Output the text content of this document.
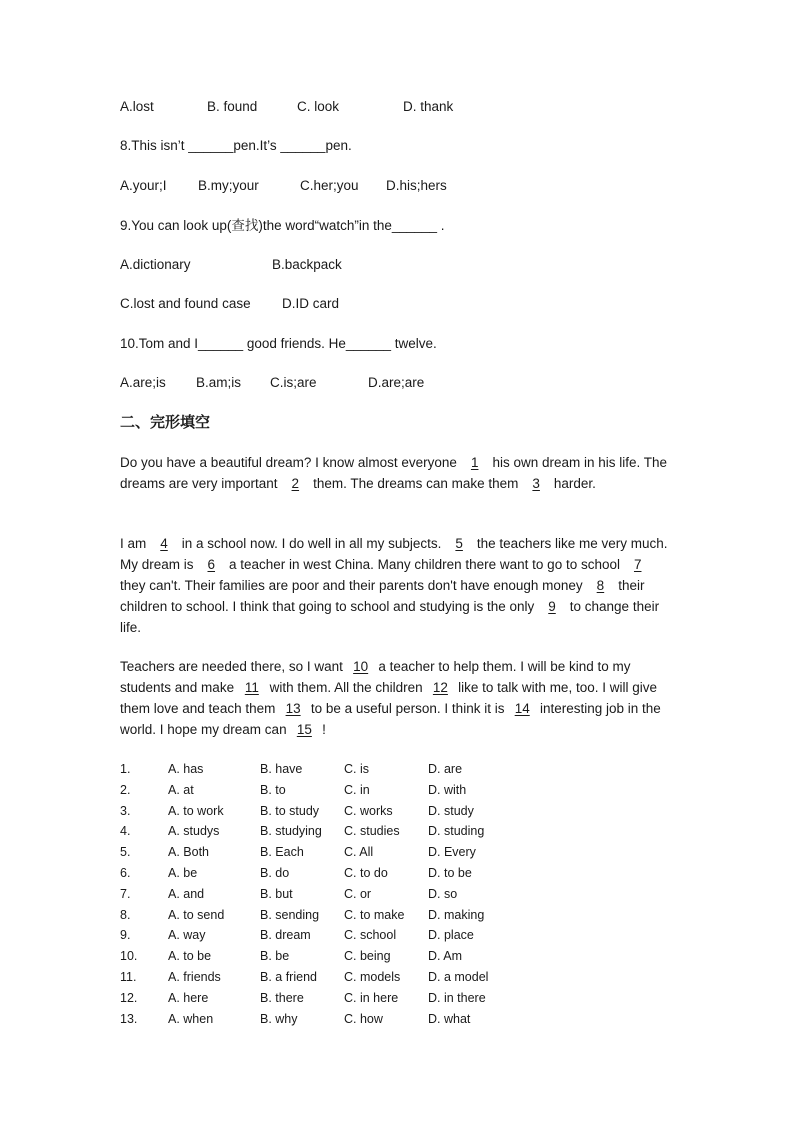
A.lost	B. found	C. look	D. thank
8.This isn’t ______pen.It’s ______pen.
A.your;I B.my;your	C.her;you D.his;hers
9.You can look up(查找)the word“watch”in the______ .
A.dictionary	B.backpack
C.lost and found case D.ID card
10.Tom and I______ good friends. He______ twelve.
A.are;is B.am;is C.is;are	D.are;are
二、完形填空
Do you have a beautiful dream? I know almost everyone 1 his own dream in his life. The dreams are very important 2 them. The dreams can make them 3 harder.
I am 4 in a school now. I do well in all my subjects. 5 the teachers like me very much. My dream is 6 a teacher in west China. Many children there want to go to school 7 they can't. Their families are poor and their parents don't have enough money 8 their children to school. I think that going to school and studying is the only 9 to change their life.
Teachers are needed there, so I want 10 a teacher to help them. I will be kind to my students and make 11 with them. All the children 12 like to talk with me, too. I will give them love and teach them 13 to be a useful person. I think it is 14 interesting job in the world. I hope my dream can 15 !
1.	A. has	B. have	C. is	D. are
2.	A. at	B. to	C. in	D. with
3.	A. to work	B. to study C. works	D. study
4.	A. studys	B. studying C. studies D. studing
5.	A. Both	B. Each	C. All	D. Every
6.	A. be	B. do	C. to do	D. to be
7.	A. and	B. but	C. or	D. so
8.	A. to send	B. sending C. to make D. making
9.	A. way	B. dream	C. school	D. place
10. A. to be	B. be	C. being	D. Am
11.	A. friends	B. a friend C. models D. a model
12. A. here	B. there	C. in here D. in there
13. A. when	B. why	C. how	D. what
